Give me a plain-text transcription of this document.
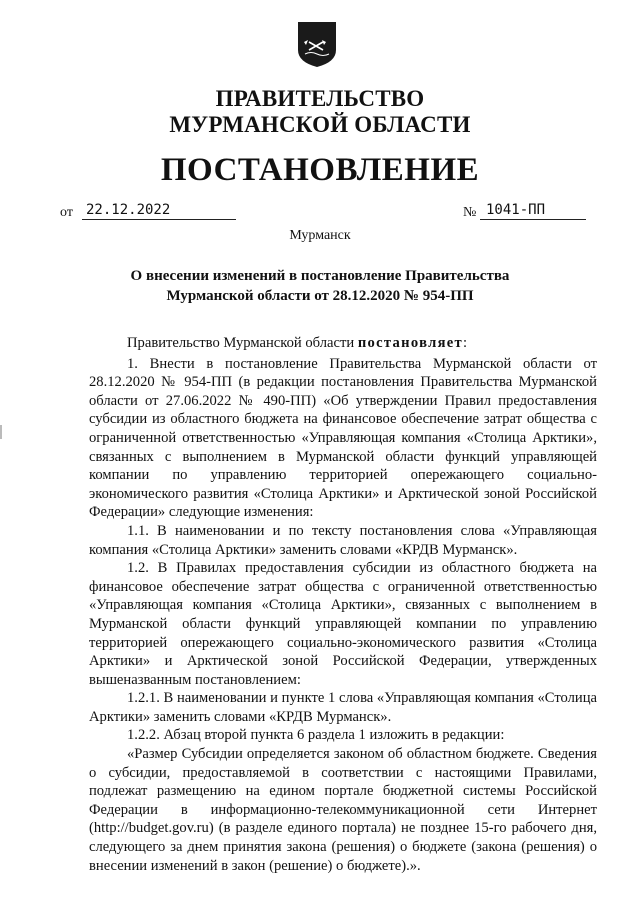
ПРАВИТЕЛЬСТВО
МУРМАНСКОЙ ОБЛАСТИ
ПОСТАНОВЛЕНИЕ
от 22.12.2022	№ 1041-ПП
Мурманск
О внесении изменений в постановление Правительства
Мурманской области от 28.12.2020 № 954-ПП

Правительство Мурманской области постановляет:

1. Внести в постановление Правительства Мурманской области от 28.12.2020 № 954-ПП (в редакции постановления Правительства Мурманской области от 27.06.2022 № 490-ПП) «Об утверждении Правил предоставления субсидии из областного бюджета на финансовое обеспечение затрат общества с ограниченной ответственностью «Управляющая компания «Столица Арктики», связанных с выполнением в Мурманской области функций управляющей компании по управлению территорией опережающего социально-экономического развития «Столица Арктики» и Арктической зоной Российской Федерации» следующие изменения:

1.1. В наименовании и по тексту постановления слова «Управляющая компания «Столица Арктики» заменить словами «КРДВ Мурманск».

1.2. В Правилах предоставления субсидии из областного бюджета на финансовое обеспечение затрат общества с ограниченной ответственностью «Управляющая компания «Столица Арктики», связанных с выполнением в Мурманской области функций управляющей компании по управлению территорией опережающего социально-экономического развития «Столица Арктики» и Арктической зоной Российской Федерации, утвержденных вышеназванным постановлением:

1.2.1. В наименовании и пункте 1 слова «Управляющая компания «Столица Арктики» заменить словами «КРДВ Мурманск».

1.2.2. Абзац второй пункта 6 раздела 1 изложить в редакции:

«Размер Субсидии определяется законом об областном бюджете. Сведения о субсидии, предоставляемой в соответствии с настоящими Правилами, подлежат размещению на едином портале бюджетной системы Российской Федерации в информационно-телекоммуникационной сети Интернет (http://budget.gov.ru) (в разделе единого портала) не позднее 15-го рабочего дня, следующего за днем принятия закона (решения) о бюджете (закона (решения) о внесении изменений в закон (решение) о бюджете).».
